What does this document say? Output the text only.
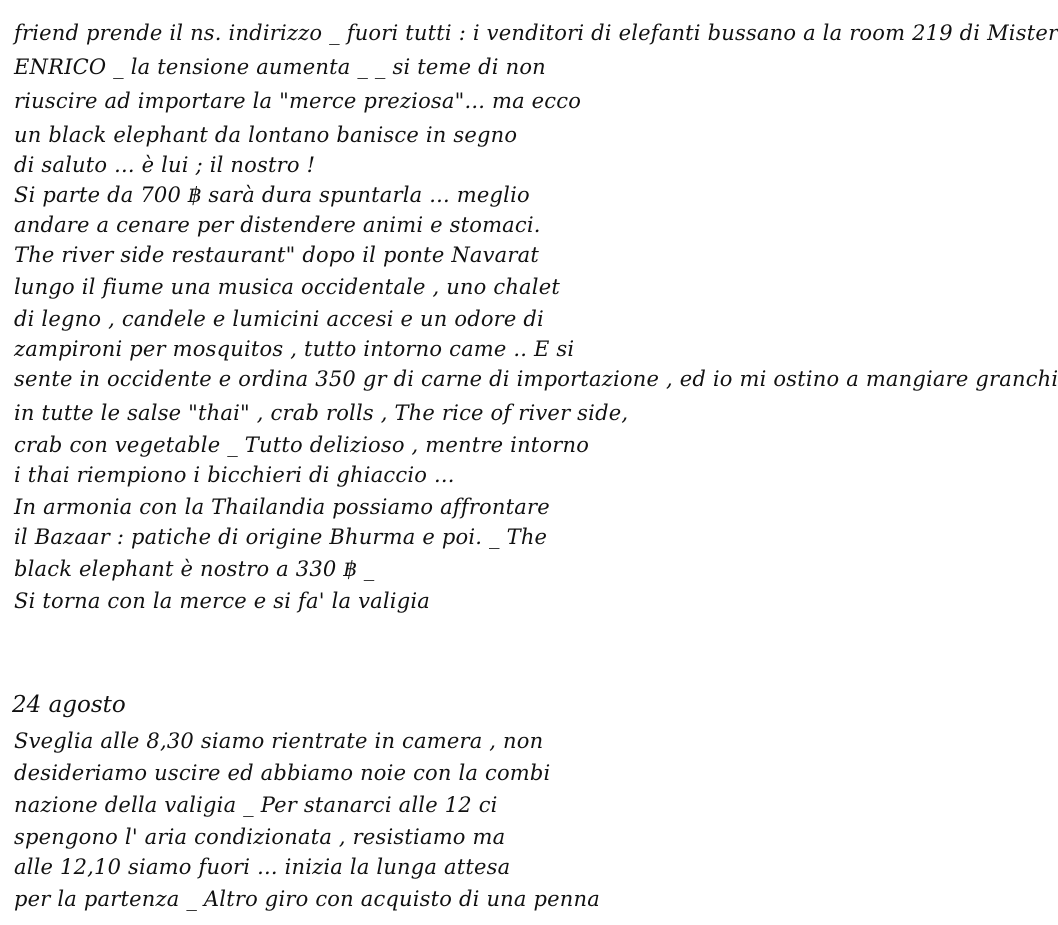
friend prende il ns. indirizzo _ fuori tutti : i venditori di elefanti bussano a la room 219 di Mister
ENRICO _ la tensione aumenta _ _ si teme di non
riuscire ad importare la "merce preziosa"... ma ecco
un black elephant da lontano banisce in segno
di saluto ... è lui ; il nostro !
Si parte da 700 ฿ sarà dura spuntarla ... meglio
andare a cenare per distendere animi e stomaci.
The river side restaurant" dopo il ponte Navarat
lungo il fiume una musica occidentale , uno chalet
di legno , candele e lumicini accesi e un odore di
zampironi per mosquitos , tutto intorno came .. E si
sente in occidente e ordina 350 gr di carne di importazione , ed io mi ostino a mangiare granchi
in tutte le salse "thai" , crab rolls , The rice of river side,
crab con vegetable _ Tutto delizioso , mentre intorno
i thai riempiono i bicchieri di ghiaccio ...
In armonia con la Thailandia possiamo affrontare
il Bazaar : patiche di origine Bhurma e poi. _ The
black elephant è nostro a 330 ฿ _
Si torna con la merce e si fa' la valigia
24 agosto
Sveglia alle 8,30 siamo rientrate in camera , non
desideriamo uscire ed abbiamo noie con la combi
nazione della valigia _ Per stanarci alle 12 ci
spengono l' aria condizionata , resistiamo ma
alle 12,10 siamo fuori ... inizia la lunga attesa
per la partenza _ Altro giro con acquisto di una penna
